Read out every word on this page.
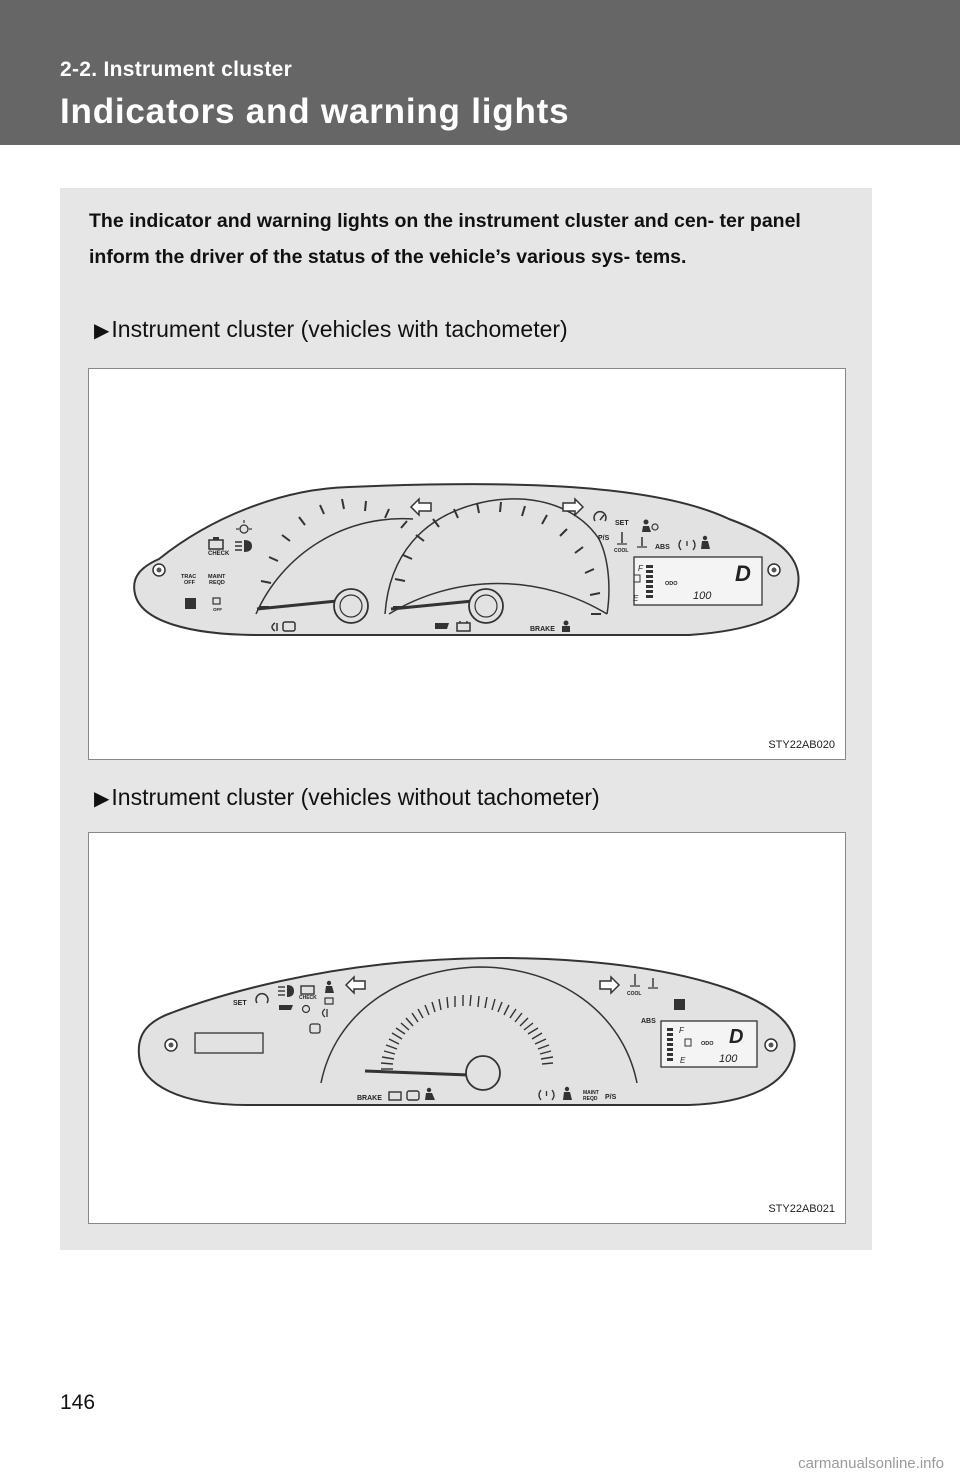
2-2. Instrument cluster
Indicators and warning lights
The indicator and warning lights on the instrument cluster and cen- ter panel inform the driver of the status of the vehicle’s various sys- tems.
▶Instrument cluster (vehicles with tachometer)
CHECK
TRAC
OFF
MAINT
REQD
OFF
BRAKE
SET
P/S
COOL	ABS
F
E
ODO	D
100
STY22AB020
▶Instrument cluster (vehicles without tachometer)
SET
CHECK
COOL
ABS
F
E
ODO D
100
BRAKE
MAINT
REQD P/S
STY22AB021
146
carmanualsonline.info
